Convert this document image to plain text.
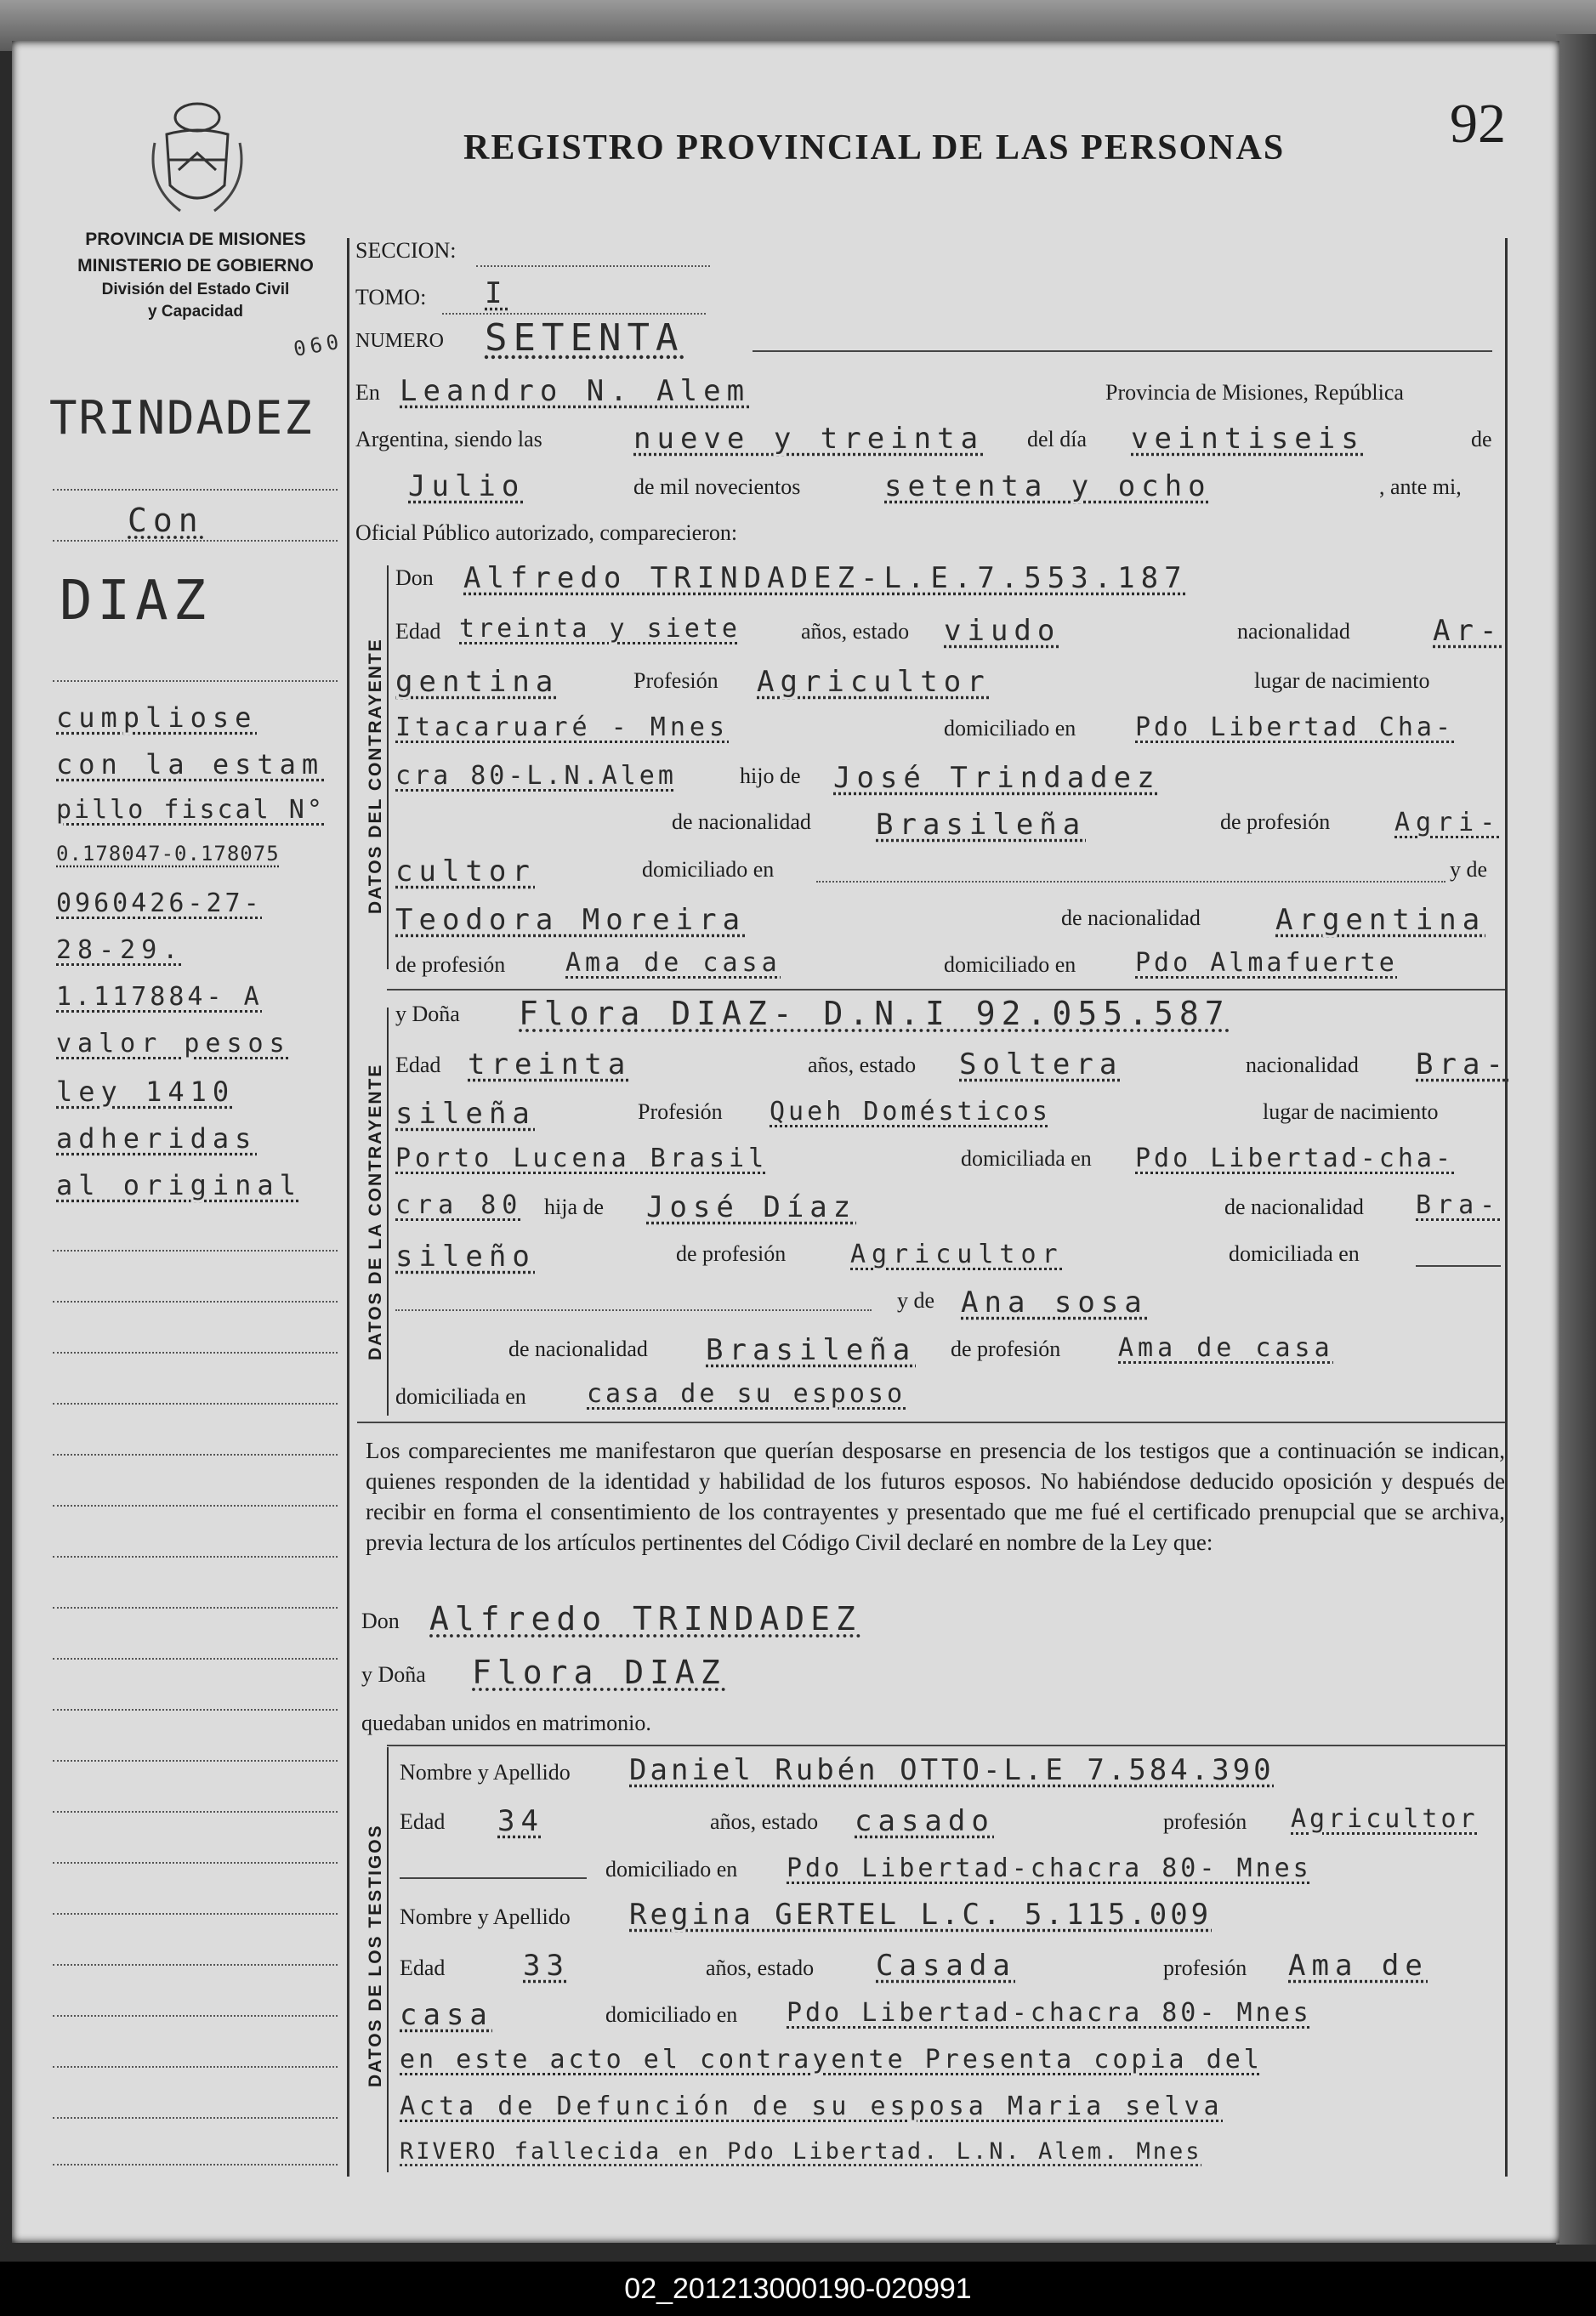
REGISTRO PROVINCIAL DE LAS PERSONAS	92
PROVINCIA DE MISIONES
MINISTERIO DE GOBIERNO
División del Estado Civil
y Capacidad
060
TRINDADEZ
Con
DIAZ
cumpliose
con la estam
pillo fiscal N°
0.178047-0.178075
0960426-27-
28-29.
1.117884- A
valor pesos
ley 1410
adheridas
al original
SECCION:
TOMO: I
NUMERO SETENTA
En Leandro N. Alem	Provincia de Misiones, República
Argentina, siendo las	nueve y treinta del día veintiseis	de
Julio	de mil novecientos	setenta y ocho	, ante mi,
Oficial Público autorizado, comparecieron:
DATOS DEL CONTRAYENTE
Don Alfredo TRINDADEZ-L.E.7.553.187
Edad treinta y siete	años, estado viudo	nacionalidad	Ar-
gentina	Profesión Agricultor	lugar de nacimiento
Itacaruaré - Mnes	domiciliado en Pdo Libertad Cha-
cra 80-L.N.Alem	hijo de José Trindadez
de nacionalidad Brasileña	de profesión	Agri-
cultor	domiciliado en	y de
Teodora Moreira	de nacionalidad	Argentina
de profesión Ama de casa	domiciliado en Pdo Almafuerte
DATOS DE LA CONTRAYENTE
y Doña Flora DIAZ- D.N.I 92.055.587
Edad treinta	años, estado Soltera	nacionalidad Bra-
sileña	Profesión Queh Domésticos	lugar de nacimiento
Porto Lucena Brasil	domiciliada en Pdo Libertad-cha-
cra 80 hija de José Díaz	de nacionalidad Bra-
sileño	de profesión	Agricultor	domiciliada en
y de Ana sosa
de nacionalidad Brasileña de profesión Ama de casa
domiciliada en casa de su esposo
Los comparecientes me manifestaron que querían desposarse en presencia de los testigos que a continuación se indican, quienes responden de la identidad y habilidad de los futuros esposos. No habiéndose deducido oposición y después de recibir en forma el consentimiento de los contrayentes y presentado que me fué el certificado prenupcial que se archiva, previa lectura de los artículos pertinentes del Código Civil declaré en nombre de la Ley que:
Don Alfredo TRINDADEZ
y Doña Flora DIAZ
quedaban unidos en matrimonio.
DATOS DE LOS TESTIGOS
Nombre y Apellido Daniel Rubén OTTO-L.E 7.584.390
Edad 34	años, estado casado	profesión Agricultor
domiciliado en Pdo Libertad-chacra 80- Mnes
Nombre y Apellido Regina GERTEL L.C. 5.115.009
Edad	33	años, estado Casada	profesión Ama de
casa	domiciliado en Pdo Libertad-chacra 80- Mnes
en este acto el contrayente Presenta copia del
Acta de Defunción de su esposa Maria selva
RIVERO fallecida en Pdo Libertad. L.N. Alem. Mnes
02_201213000190-020991
